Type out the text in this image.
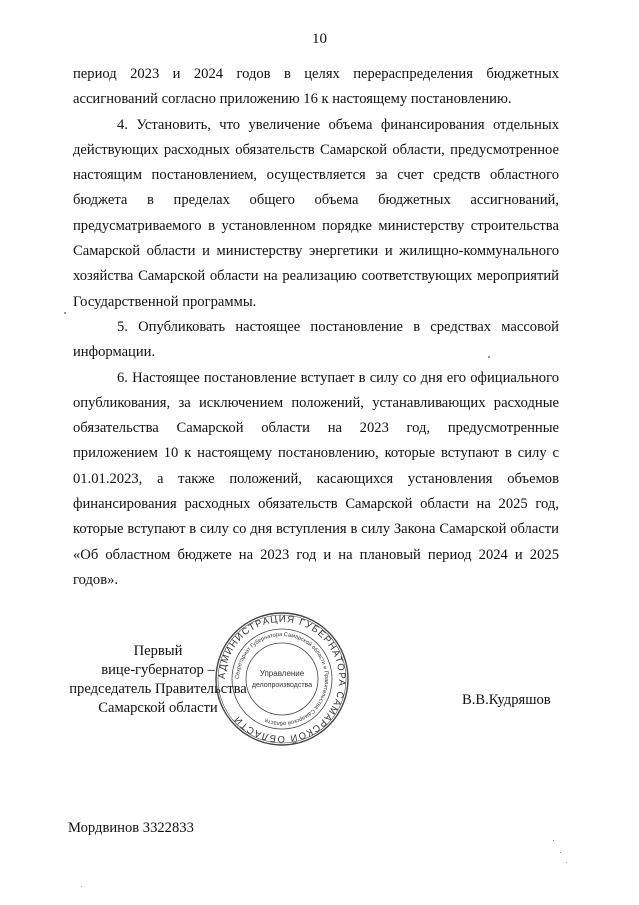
10

период 2023 и 2024 годов в целях перераспределения бюджетных ассигнований согласно приложению 16 к настоящему постановлению.

4. Установить, что увеличение объема финансирования отдельных действующих расходных обязательств Самарской области, предусмотренное настоящим постановлением, осуществляется за счет средств областного бюджета в пределах общего объема бюджетных ассигнований, предусматриваемого в установленном порядке министерству строительства Самарской области и министерству энергетики и жилищно-коммунального хозяйства Самарской области на реализацию соответствующих мероприятий Государственной программы.

5. Опубликовать настоящее постановление в средствах массовой информации.

6. Настоящее постановление вступает в силу со дня его официального опубликования, за исключением положений, устанавливающих расходные обязательства Самарской области на 2023 год, предусмотренные приложением 10 к настоящему постановлению, которые вступают в силу с 01.01.2023, а также положений, касающихся установления объемов финансирования расходных обязательств Самарской области на 2025 год, которые вступают в силу со дня вступления в силу Закона Самарской области «Об областном бюджете на 2023 год и на плановый период 2024 и 2025 годов».

Первый
вице-губернатор –
председатель Правительства
Самарской области
АДМИНИСТРАЦИЯ ГУБЕРНАТОРА САМАРСКОЙ ОБЛАСТИ
Секретариат Губернатора Самарской области и Правительства Самарской области
Управление
делопроизводства
В.В.Кудряшов
Мордвинов 3322833
